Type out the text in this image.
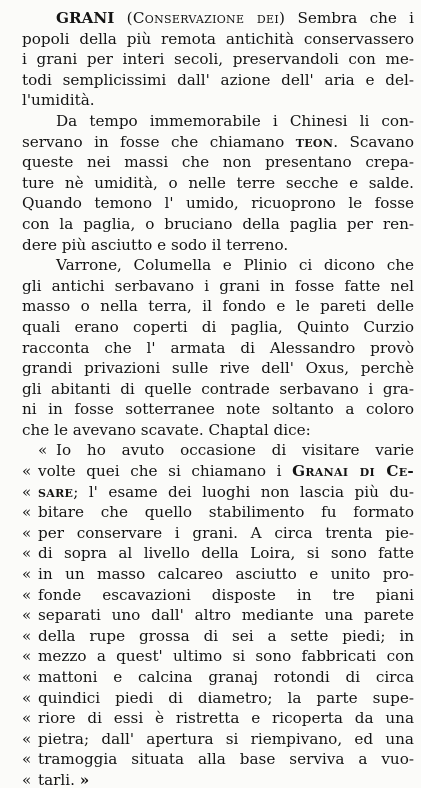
GRANI (Conservazione dei) Sembra che i
popoli della più remota antichità conservassero
i grani per interi secoli, preservandoli con me-
todi semplicissimi dall' azione dell' aria e del-
l'umidità.
Da tempo immemorabile i Chinesi li con-
servano in fosse che chiamano teon. Scavano
queste nei massi che non presentano crepa-
ture nè umidità, o nelle terre secche e salde.
Quando temono l' umido, ricuoprono le fosse
con la paglia, o bruciano della paglia per ren-
dere più asciutto e sodo il terreno.
Varrone, Columella e Plinio ci dicono che
gli antichi serbavano i grani in fosse fatte nel
masso o nella terra, il fondo e le pareti delle
quali erano coperti di paglia, Quinto Curzio
racconta che l' armata di Alessandro provò
grandi privazioni sulle rive dell' Oxus, perchè
gli abitanti di quelle contrade serbavano i gra-
ni in fosse sotterranee note soltanto a coloro
che le avevano scavate. Chaptal dice:
« Io ho avuto occasione di visitare varie
« volte quei che si chiamano i Granai di Ce-
« sare; l' esame dei luoghi non lascia più du-
« bitare che quello stabilimento fu formato
« per conservare i grani. A circa trenta pie-
« di sopra al livello della Loira, si sono fatte
« in un masso calcareo asciutto e unito pro-
« fonde escavazioni disposte in tre piani
« separati uno dall' altro mediante una parete
« della rupe grossa di sei a sette piedi; in
« mezzo a quest' ultimo si sono fabbricati con
« mattoni e calcina granaj rotondi di circa
« quindici piedi di diametro; la parte supe-
« riore di essi è ristretta e ricoperta da una
« pietra; dall' apertura si riempivano, ed una
« tramoggia situata alla base serviva a vuo-
« tarli. »
